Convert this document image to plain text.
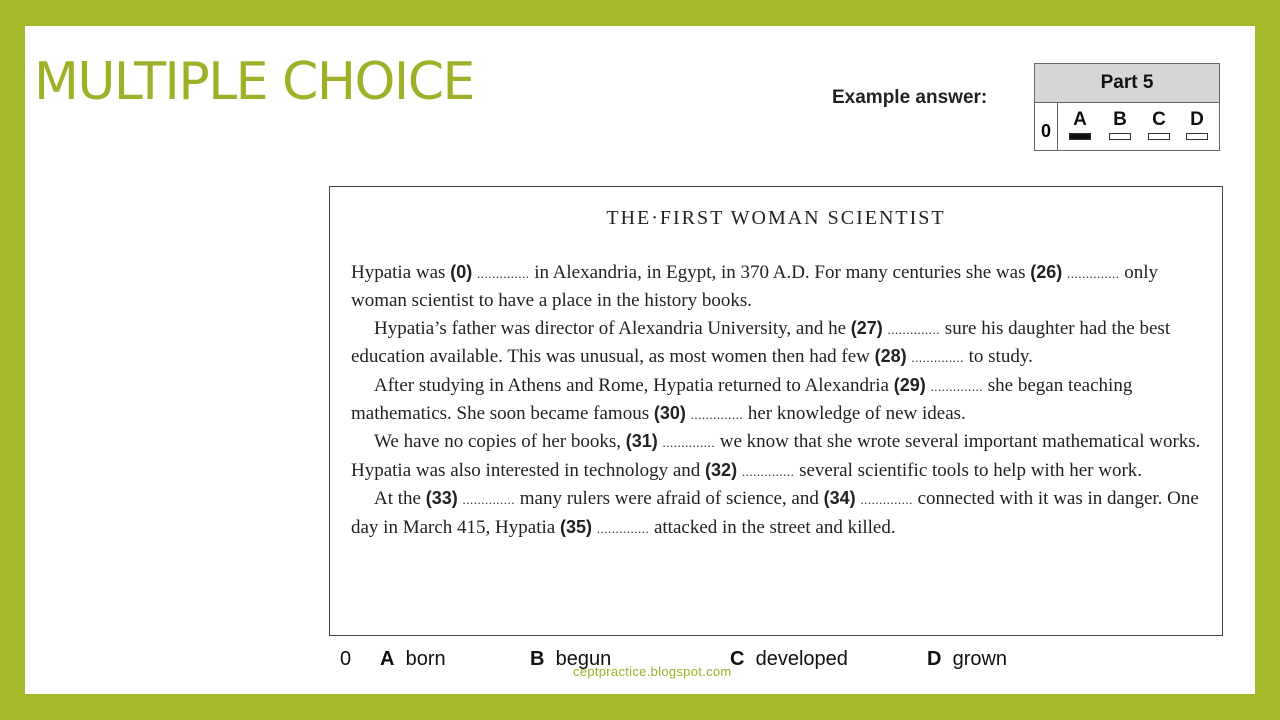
MULTIPLE CHOICE	Example answer:
Part 5
0
A	B	C	D
THE·FIRST WOMAN SCIENTIST

Hypatia was (0) .............. in Alexandria, in Egypt, in 370 A.D. For many centuries she was (26) .............. only woman scientist to have a place in the history books.

Hypatia’s father was director of Alexandria University, and he (27) .............. sure his daughter had the best education available. This was unusual, as most women then had few (28) .............. to study.

After studying in Athens and Rome, Hypatia returned to Alexandria (29) .............. she began teaching mathematics. She soon became famous (30) .............. her knowledge of new ideas.

We have no copies of her books, (31) .............. we know that she wrote several important mathematical works. Hypatia was also interested in technology and (32) .............. several scientific tools to help with her work.

At the (33) .............. many rulers were afraid of science, and (34) .............. connected with it was in danger. One day in March 415, Hypatia (35) .............. attacked in the street and killed.

0 A born	B begun	C developed	D grown
ceptpractice.blogspot.com
